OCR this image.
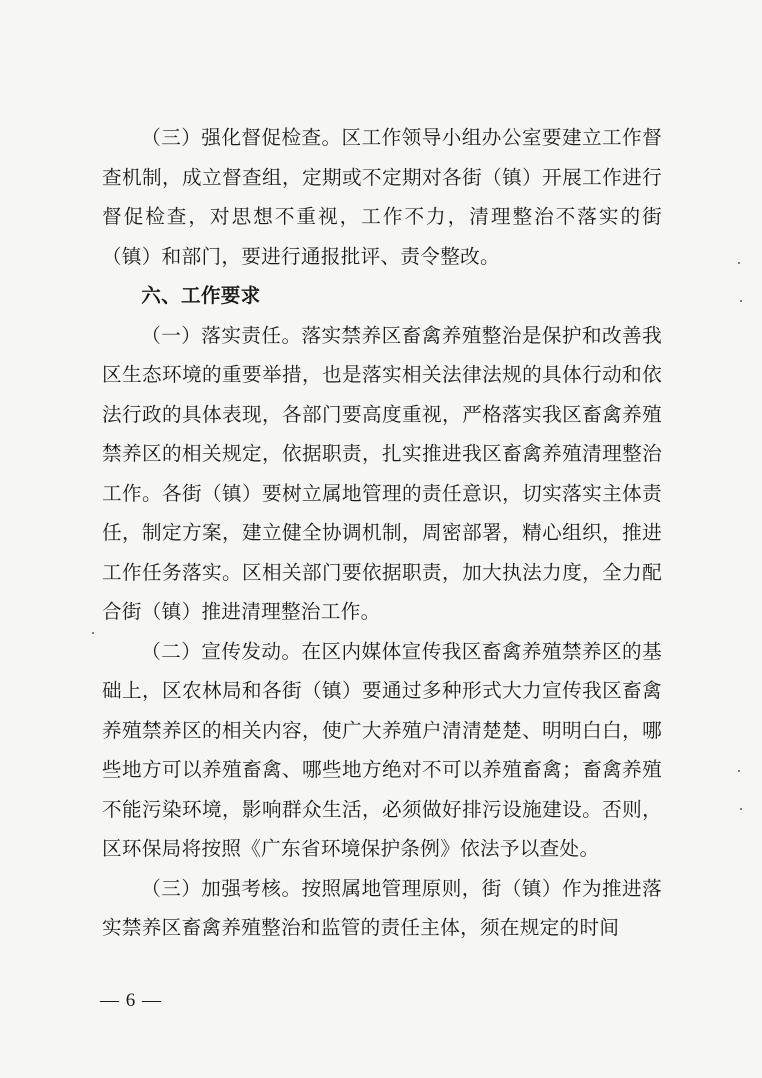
（三）强化督促检查。区工作领导小组办公室要建立工作督查机制，成立督查组，定期或不定期对各街（镇）开展工作进行督促检查，对思想不重视，工作不力，清理整治不落实的街（镇）和部门，要进行通报批评、责令整改。

六、工作要求

（一）落实责任。落实禁养区畜禽养殖整治是保护和改善我区生态环境的重要举措，也是落实相关法律法规的具体行动和依法行政的具体表现，各部门要高度重视，严格落实我区畜禽养殖禁养区的相关规定，依据职责，扎实推进我区畜禽养殖清理整治工作。各街（镇）要树立属地管理的责任意识，切实落实主体责任，制定方案，建立健全协调机制，周密部署，精心组织，推进工作任务落实。区相关部门要依据职责，加大执法力度，全力配合街（镇）推进清理整治工作。

（二）宣传发动。在区内媒体宣传我区畜禽养殖禁养区的基础上，区农林局和各街（镇）要通过多种形式大力宣传我区畜禽养殖禁养区的相关内容，使广大养殖户清清楚楚、明明白白，哪些地方可以养殖畜禽、哪些地方绝对不可以养殖畜禽；畜禽养殖不能污染环境，影响群众生活，必须做好排污设施建设。否则，区环保局将按照《广东省环境保护条例》依法予以查处。

（三）加强考核。按照属地管理原则，街（镇）作为推进落实禁养区畜禽养殖整治和监管的责任主体，须在规定的时间

— 6 —
